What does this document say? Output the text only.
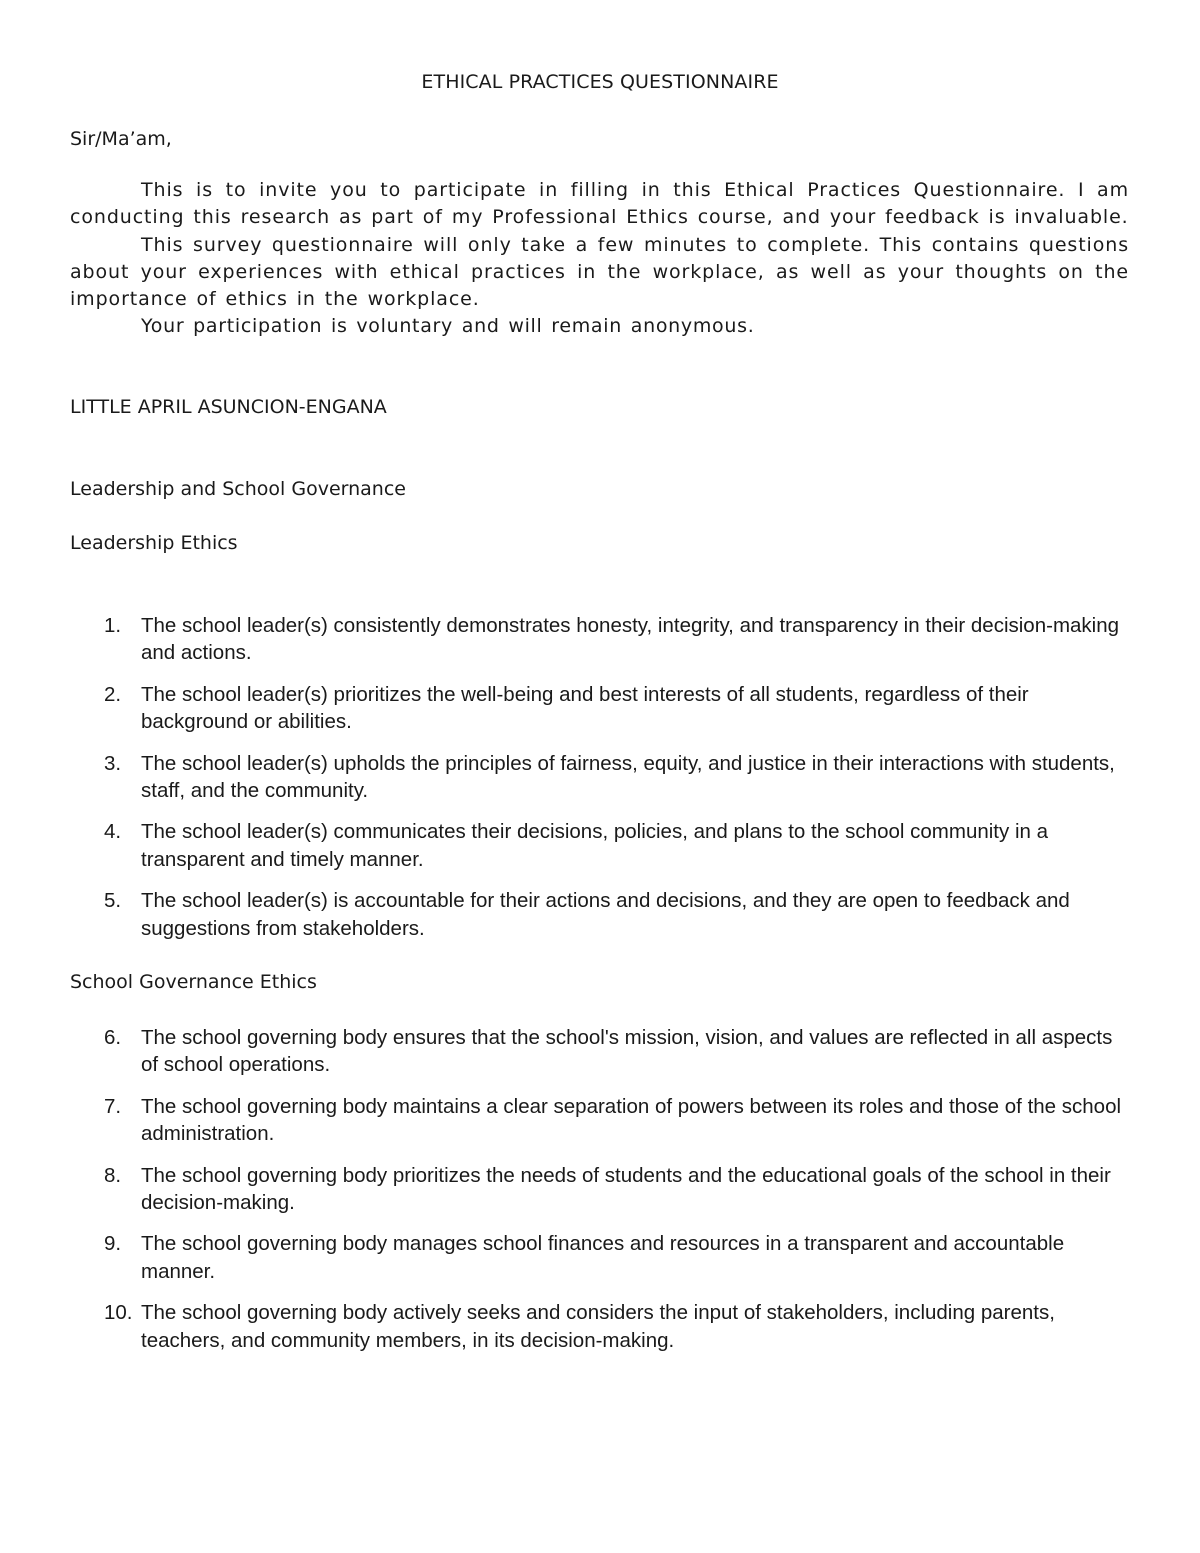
ETHICAL PRACTICES QUESTIONNAIRE
Sir/Ma’am,

This is to invite you to participate in filling in this Ethical Practices Questionnaire. I am conducting this research as part of my Professional Ethics course, and your feedback is invaluable.

This survey questionnaire will only take a few minutes to complete. This contains questions about your experiences with ethical practices in the workplace, as well as your thoughts on the importance of ethics in the workplace.

Your participation is voluntary and will remain anonymous.

LITTLE APRIL ASUNCION-ENGANA
Leadership and School Governance
Leadership Ethics
1. The school leader(s) consistently demonstrates honesty, integrity, and transparency in their decision-making and actions.
2. The school leader(s) prioritizes the well-being and best interests of all students, regardless of their background or abilities.
3. The school leader(s) upholds the principles of fairness, equity, and justice in their interactions with students, staff, and the community.
4. The school leader(s) communicates their decisions, policies, and plans to the school community in a transparent and timely manner.
5. The school leader(s) is accountable for their actions and decisions, and they are open to feedback and suggestions from stakeholders.
School Governance Ethics
6. The school governing body ensures that the school's mission, vision, and values are reflected in all aspects of school operations.
7. The school governing body maintains a clear separation of powers between its roles and those of the school administration.
8. The school governing body prioritizes the needs of students and the educational goals of the school in their decision-making.
9. The school governing body manages school finances and resources in a transparent and accountable manner.
10. The school governing body actively seeks and considers the input of stakeholders, including parents, teachers, and community members, in its decision-making.
